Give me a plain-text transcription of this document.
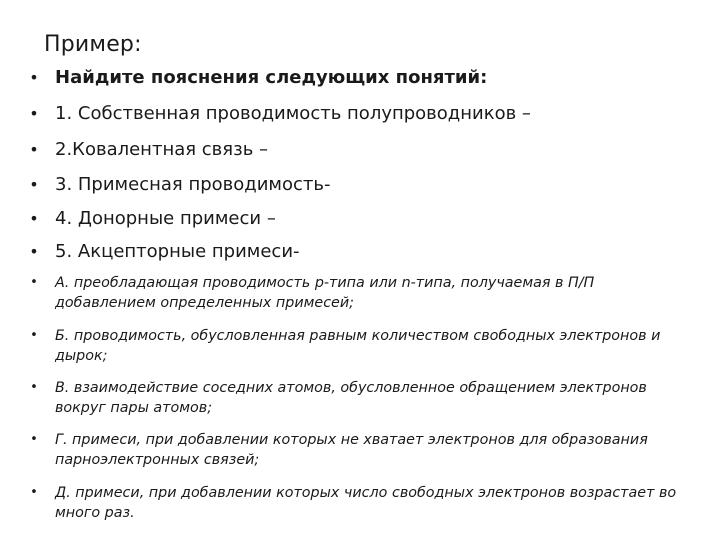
Пример:
• Найдите пояснения следующих понятий:
• 1. Собственная проводимость полупроводников –
• 2.Ковалентная связь –
• 3. Примесная проводимость-
• 4. Донорные примеси –
• 5. Акцепторные примеси-
• А. преобладающая проводимость р-типа или n-типа, получаемая в П/П добавлением определенных примесей;
• Б. проводимость, обусловленная равным количеством свободных электронов и дырок;
• В. взаимодействие соседних атомов, обусловленное обращением электронов вокруг пары атомов;
• Г. примеси, при добавлении которых не хватает электронов для образования парноэлектронных связей;
• Д. примеси, при добавлении которых число свободных электронов возрастает во много раз.
